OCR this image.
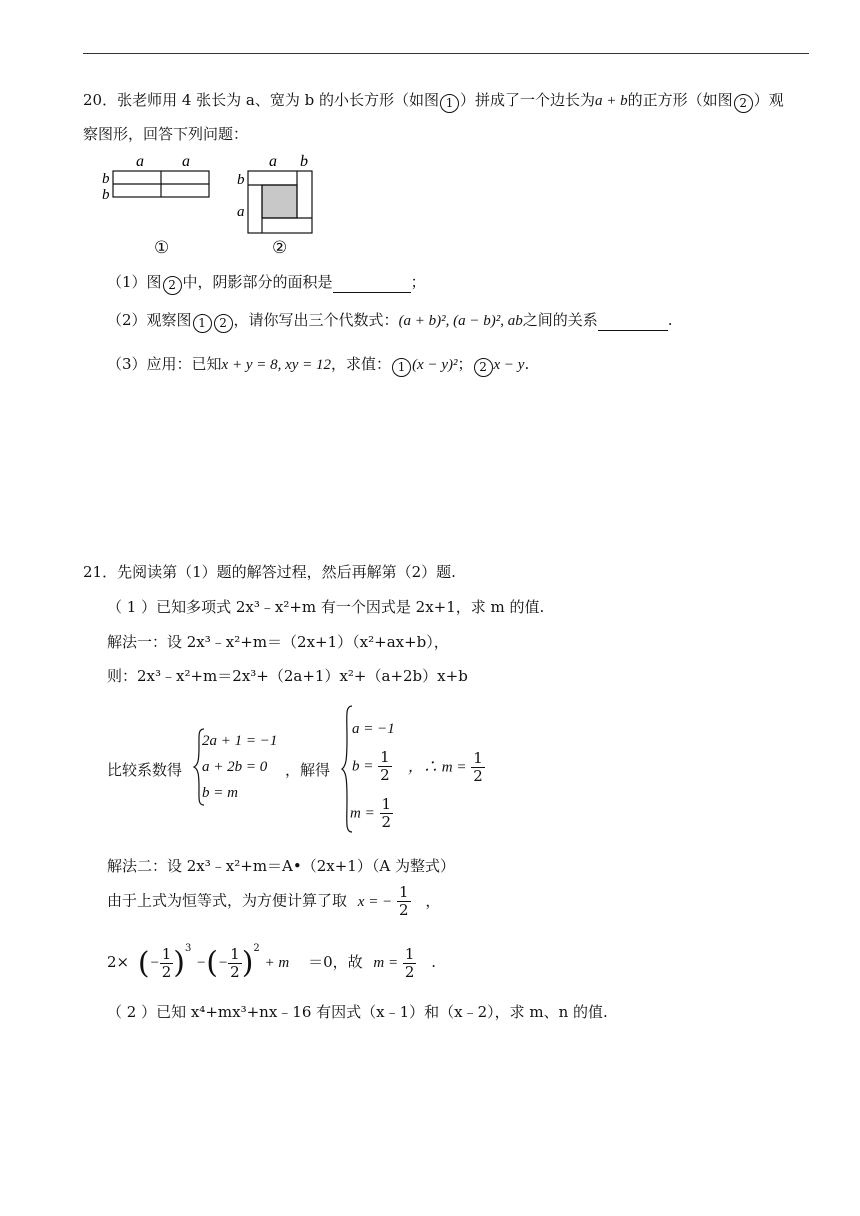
20．张老师用 4 张长为 a、宽为 b 的小长方形（如图 1 ）拼成了一个边长为a + b的正方形（如图 2 ）观
察图形，回答下列问题：
a a
b
b
①
a b
b
a
②
（1）图 2 中，阴影部分的面积是	；
（2）观察图 1 2 ，请你写出三个代数式：(a + b)², (a − b)², ab之间的关系	.
（3）应用：已知x + y = 8, xy = 12，求值： 1 (x − y)²； 2 x − y.
21．先阅读第（1）题的解答过程，然后再解第（2）题.
（ 1 ）已知多项式 2x³﹣x²+m 有一个因式是 2x+1，求 m 的值.
解法一：设 2x³﹣x²+m＝（2x+1）（x²+ax+b），
则：2x³﹣x²+m＝2x³+（2a+1）x²+（a+2b）x+b
比较系数得
2a + 1 = −1
a + 2b = 0
b = m
，解得
a = −1
$b = \frac{1}{2}$
$m = \frac{1}{2}$
，∴ $m = \frac{1}{2}$
解法二：设 2x³﹣x²+m＝A•（2x+1）（A 为整式）
由于上式为恒等式，为方便计算了取 x = − $\frac{1}{2}$ ，
2× (− $\frac{1}{2} )^3$ −(− $\frac{1}{2} )^2 + m =0$，故 $m = \frac{1}{2}$ .
（ 2 ）已知 x⁴+mx³+nx﹣16 有因式（x﹣1）和（x﹣2），求 m、n 的值.
